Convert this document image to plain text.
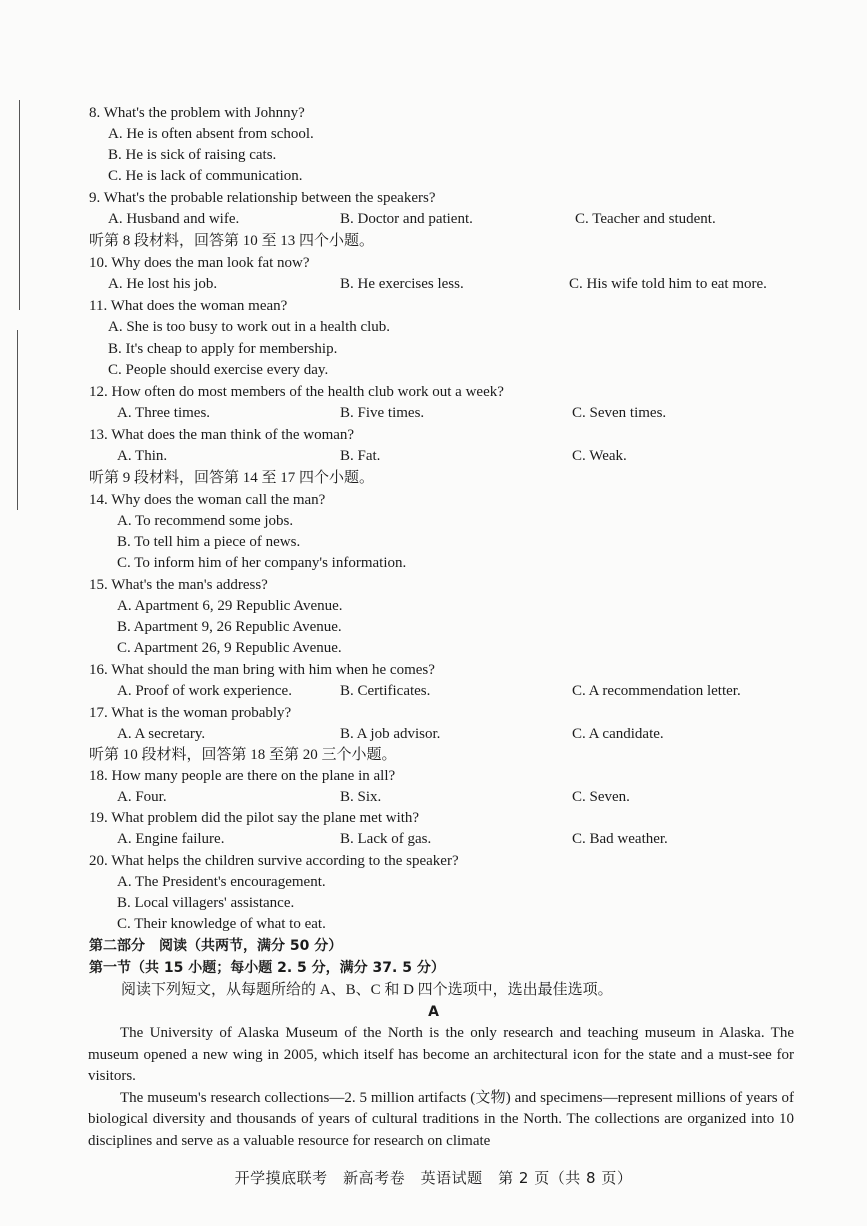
8. What's the problem with Johnny?
A. He is often absent from school.
B. He is sick of raising cats.
C. He is lack of communication.
9. What's the probable relationship between the speakers?
A. Husband and wife.	B. Doctor and patient.	C. Teacher and student.
听第 8 段材料，回答第 10 至 13 四个小题。
10. Why does the man look fat now?
A. He lost his job.	B. He exercises less.	C. His wife told him to eat more.
11. What does the woman mean?
A. She is too busy to work out in a health club.
B. It's cheap to apply for membership.
C. People should exercise every day.
12. How often do most members of the health club work out a week?
A. Three times.	B. Five times.	C. Seven times.
13. What does the man think of the woman?
A. Thin.	B. Fat.	C. Weak.
听第 9 段材料，回答第 14 至 17 四个小题。
14. Why does the woman call the man?
A. To recommend some jobs.
B. To tell him a piece of news.
C. To inform him of her company's information.
15. What's the man's address?
A. Apartment 6, 29 Republic Avenue.
B. Apartment 9, 26 Republic Avenue.
C. Apartment 26, 9 Republic Avenue.
16. What should the man bring with him when he comes?
A. Proof of work experience.	B. Certificates.	C. A recommendation letter.
17. What is the woman probably?
A. A secretary.	B. A job advisor.	C. A candidate.
听第 10 段材料，回答第 18 至第 20 三个小题。
18. How many people are there on the plane in all?
A. Four.	B. Six.	C. Seven.
19. What problem did the pilot say the plane met with?
A. Engine failure.	B. Lack of gas.	C. Bad weather.
20. What helps the children survive according to the speaker?
A. The President's encouragement.
B. Local villagers' assistance.
C. Their knowledge of what to eat.
第二部分　阅读（共两节，满分 50 分）
第一节（共 15 小题；每小题 2. 5 分，满分 37. 5 分）
阅读下列短文，从每题所给的 A、B、C 和 D 四个选项中，选出最佳选项。
A

The University of Alaska Museum of the North is the only research and teaching museum in Alaska. The museum opened a new wing in 2005, which itself has become an architectural icon for the state and a must-see for visitors.

The museum's research collections—2. 5 million artifacts (文物) and specimens—represent millions of years of biological diversity and thousands of years of cultural traditions in the North. The collections are organized into 10 disciplines and serve as a valuable resource for research on climate

开学摸底联考　新高考卷　英语试题　第 2 页（共 8 页）
